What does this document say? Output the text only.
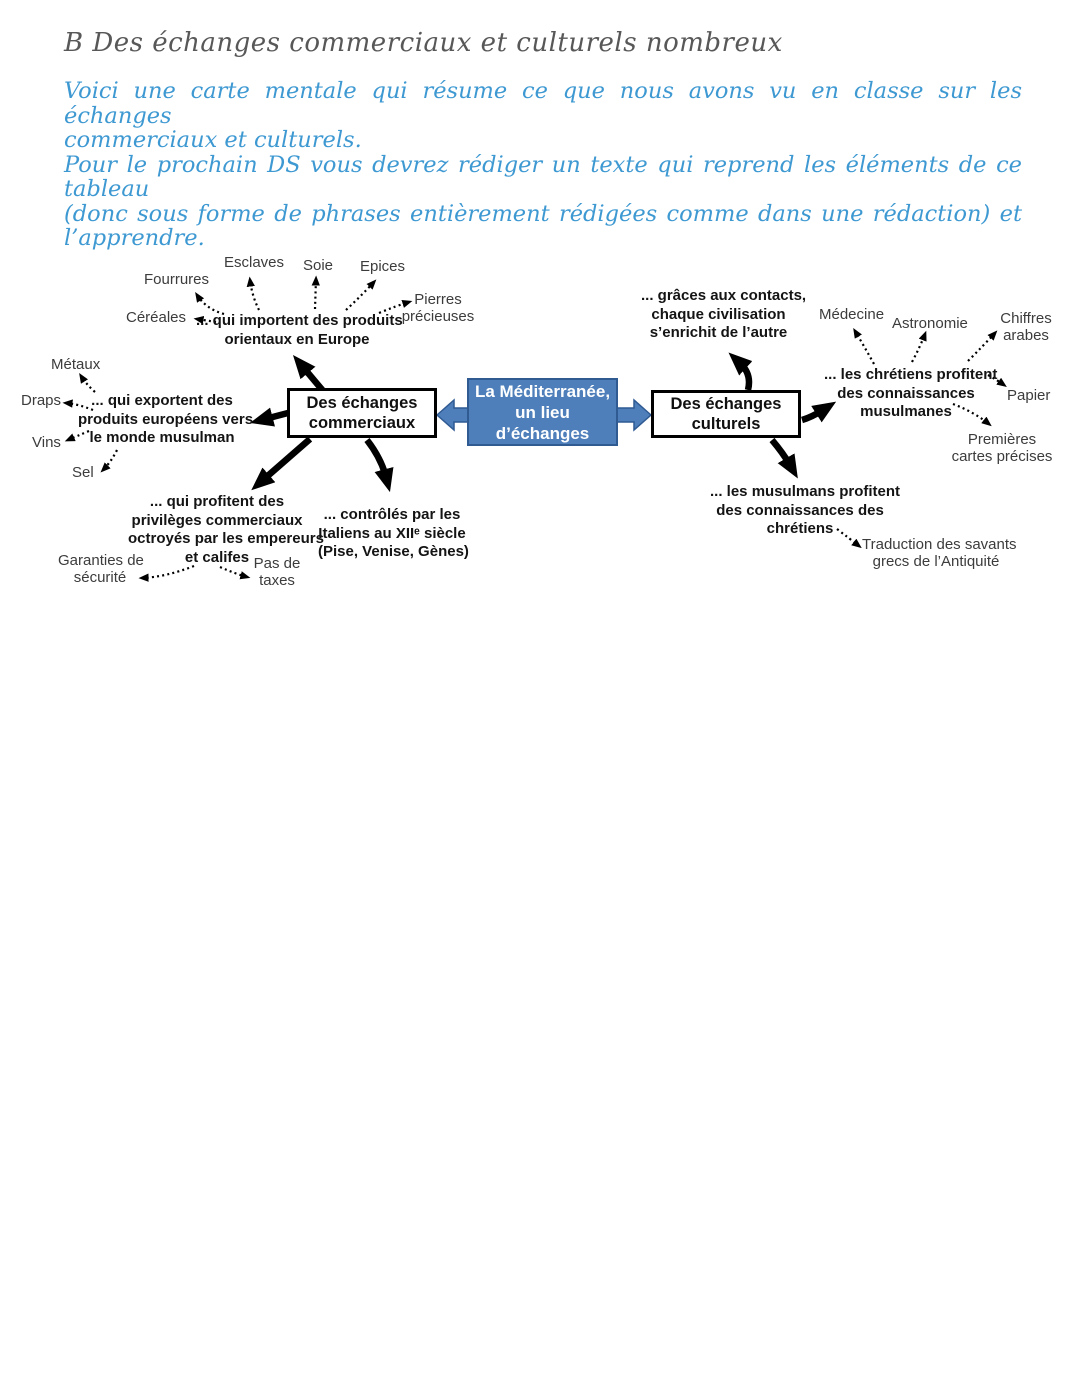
B Des échanges commerciaux et culturels nombreux
Voici une carte mentale qui résume ce que nous avons vu en classe sur les échanges
commerciaux et culturels.
Pour le prochain DS vous devrez rédiger un texte qui reprend les éléments de ce tableau
(donc sous forme de phrases entièrement rédigées comme dans une rédaction) et
l’apprendre.
La Méditerranée,
un lieu
d’échanges
Des échanges
commerciaux
Des échanges
culturels
... qui importent des produits
orientaux en Europe
... qui exportent des
produits européens vers
le monde musulman
... qui profitent des
privilèges commerciaux
octroyés par les empereurs
et califes
... contrôlés par les
Italiens au XIIᵉ siècle
(Pise, Venise, Gènes)
... grâces aux contacts,
chaque civilisation
s’enrichit de l’autre
... les chrétiens profitent
des connaissances
musulmanes
... les musulmans profitent
des connaissances des
chrétiens
Fourrures
Esclaves Soie Epices
Pierres
précieuses
Céréales
Métaux
Draps
Vins
Sel
Garanties de
sécurité
Pas de
taxes
Médecine
Astronomie Chiffres
arabes
Papier
Premières
cartes précises
Traduction des savants
grecs de l’Antiquité
